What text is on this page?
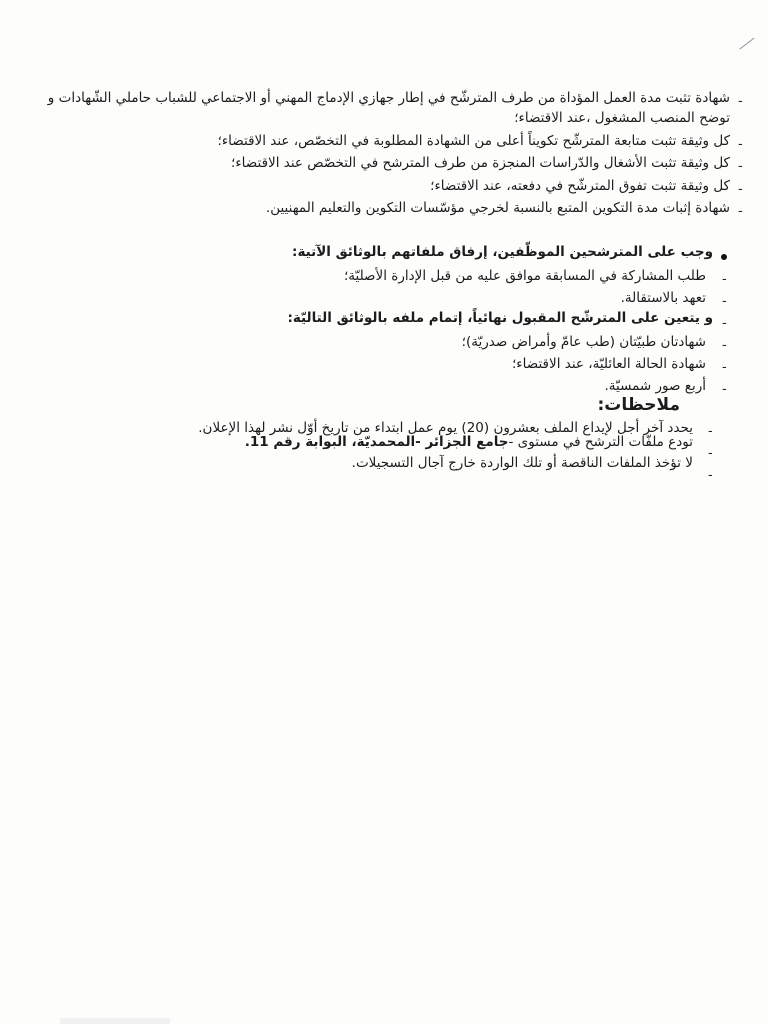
╱
-
شهادة تثبت مدة العمل المؤداة من طرف المترشّح في إطار جهازي الإدماج المهني أو الاجتماعي للشباب حاملي الشّهادات و
توضح المنصب المشغول ،عند الاقتضاء؛
-
كل وثيقة تثبت متابعة المترشّح تكويناً أعلى من الشهادة المطلوبة في التخصّص، عند الاقتضاء؛
-
كل وثيقة تثبت الأشغال والدّراسات المنجزة من طرف المترشح في التخصّص عند الاقتضاء؛
-
كل وثيقة تثبت تفوق المترشّح في دفعته، عند الاقتضاء؛
-
شهادة إثبات مدة التكوين المتبع بالنسبة لخرجي مؤسّسات التكوين والتعليم المهنيين.
وجب على المترشحين الموظّفين، إرفاق ملفاتهم بالوثائق الآتية:
-
طلب المشاركة في المسابقة موافق عليه من قبل الإدارة الأصليّة؛
-
تعهد بالاستقالة.
-
و يتعين على المترشّح المقبول نهائياً، إتمام ملفه بالوثائق التاليّة:
-
شهادتان طبيّتان (طب عامّ وأمراض صدريّة)؛
-
شهادة الحالة العائليّة، عند الاقتضاء؛
-
أربع صور شمسيّة.
ملاحظات:
-
يحدد آخر أجل لإيداع الملف بعشرون (20) يوم عمل ابتداء من تاريخ أوّل نشر لهذا الإعلان.
-
تودع ملفّات الترشح في مستوى -جامع الجزائر -المحمديّة، البوابة رقم 11.
-
لا تؤخذ الملفات الناقصة أو تلك الواردة خارج آجال التسجيلات.
